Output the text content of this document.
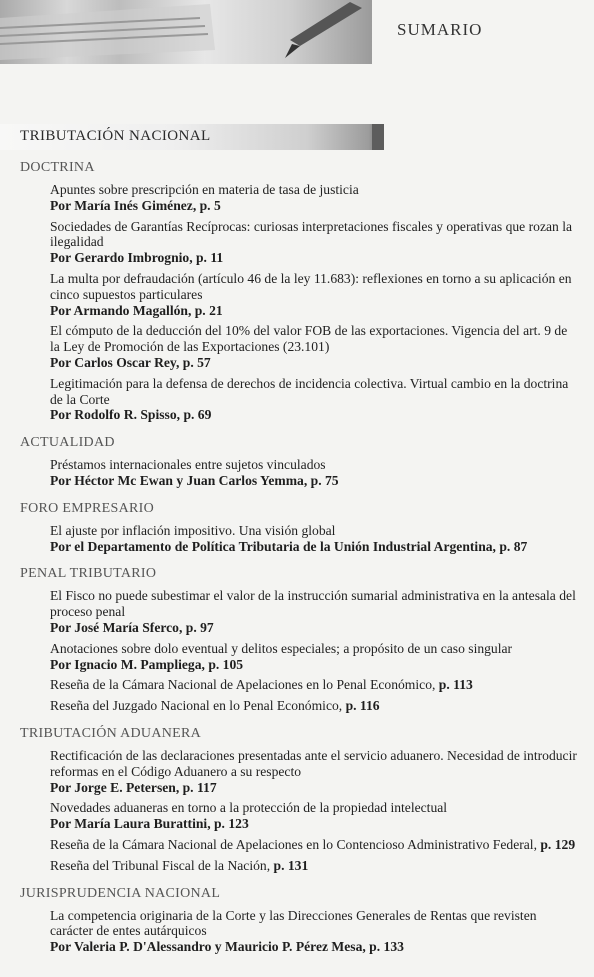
SUMARIO
TRIBUTACIÓN NACIONAL
DOCTRINA
Apuntes sobre prescripción en materia de tasa de justicia
Por María Inés Giménez, p. 5
Sociedades de Garantías Recíprocas: curiosas interpretaciones fiscales y operativas que rozan la ilegalidad
Por Gerardo Imbrognio, p. 11
La multa por defraudación (artículo 46 de la ley 11.683): reflexiones en torno a su aplicación en cinco supuestos particulares
Por Armando Magallón, p. 21
El cómputo de la deducción del 10% del valor FOB de las exportaciones. Vigencia del art. 9 de la Ley de Promoción de las Exportaciones (23.101)
Por Carlos Oscar Rey, p. 57
Legitimación para la defensa de derechos de incidencia colectiva. Virtual cambio en la doctrina de la Corte
Por Rodolfo R. Spisso, p. 69
ACTUALIDAD
Préstamos internacionales entre sujetos vinculados
Por Héctor Mc Ewan y Juan Carlos Yemma, p. 75
FORO EMPRESARIO
El ajuste por inflación impositivo. Una visión global
Por el Departamento de Política Tributaria de la Unión Industrial Argentina, p. 87
PENAL TRIBUTARIO
El Fisco no puede subestimar el valor de la instrucción sumarial administrativa en la antesala del proceso penal
Por José María Sferco, p. 97
Anotaciones sobre dolo eventual y delitos especiales; a propósito de un caso singular
Por Ignacio M. Pampliega, p. 105
Reseña de la Cámara Nacional de Apelaciones en lo Penal Económico, p. 113
Reseña del Juzgado Nacional en lo Penal Económico, p. 116
TRIBUTACIÓN ADUANERA
Rectificación de las declaraciones presentadas ante el servicio aduanero. Necesidad de introducir reformas en el Código Aduanero a su respecto
Por Jorge E. Petersen, p. 117
Novedades aduaneras en torno a la protección de la propiedad intelectual
Por María Laura Burattini, p. 123
Reseña de la Cámara Nacional de Apelaciones en lo Contencioso Administrativo Federal, p. 129
Reseña del Tribunal Fiscal de la Nación, p. 131
JURISPRUDENCIA NACIONAL
La competencia originaria de la Corte y las Direcciones Generales de Rentas que revisten carácter de entes autárquicos
Por Valeria P. D'Alessandro y Mauricio P. Pérez Mesa, p. 133
